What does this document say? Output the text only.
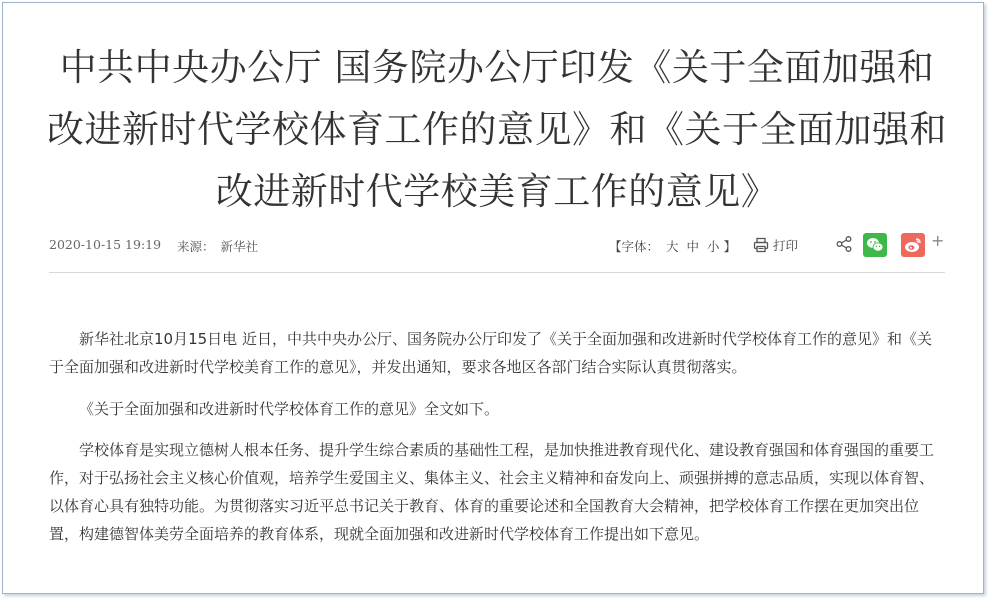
中共中央办公厅 国务院办公厅印发《关于全面加强和改进新时代学校体育工作的意见》和《关于全面加强和改进新时代学校美育工作的意见》
2020-10-15 19:19 来源： 新华社	【字体： 大 中 小 】	打印	+

新华社北京10月15日电 近日，中共中央办公厅、国务院办公厅印发了《关于全面加强和改进新时代学校体育工作的意见》和《关于全面加强和改进新时代学校美育工作的意见》，并发出通知，要求各地区各部门结合实际认真贯彻落实。

《关于全面加强和改进新时代学校体育工作的意见》全文如下。

学校体育是实现立德树人根本任务、提升学生综合素质的基础性工程，是加快推进教育现代化、建设教育强国和体育强国的重要工作，对于弘扬社会主义核心价值观，培养学生爱国主义、集体主义、社会主义精神和奋发向上、顽强拼搏的意志品质，实现以体育智、以体育心具有独特功能。为贯彻落实习近平总书记关于教育、体育的重要论述和全国教育大会精神，把学校体育工作摆在更加突出位置，构建德智体美劳全面培养的教育体系，现就全面加强和改进新时代学校体育工作提出如下意见。
